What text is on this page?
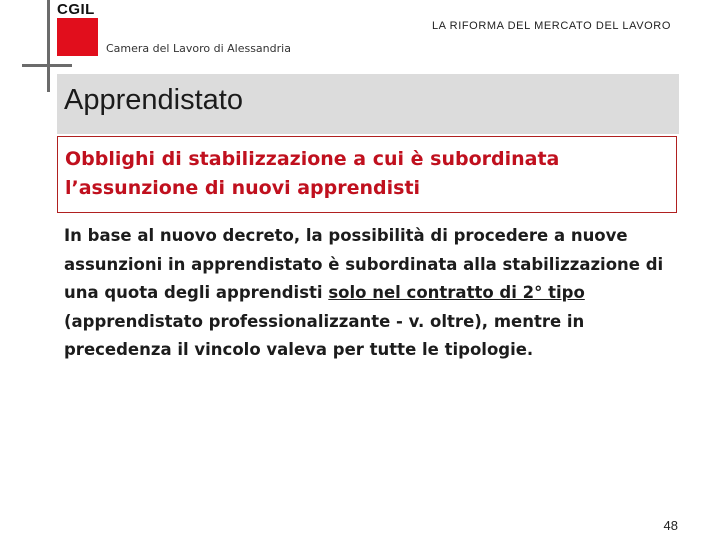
CGIL
Camera del Lavoro di Alessandria
LA RIFORMA DEL MERCATO DEL LAVORO
Apprendistato
Obblighi di stabilizzazione a cui è subordinata
l’assunzione di nuovi apprendisti
In base al nuovo decreto, la possibilità di procedere a nuove assunzioni in apprendistato è subordinata alla stabilizzazione di una quota degli apprendisti solo nel contratto di 2° tipo (apprendistato professionalizzante - v. oltre), mentre in precedenza il vincolo valeva per tutte le tipologie.
48
